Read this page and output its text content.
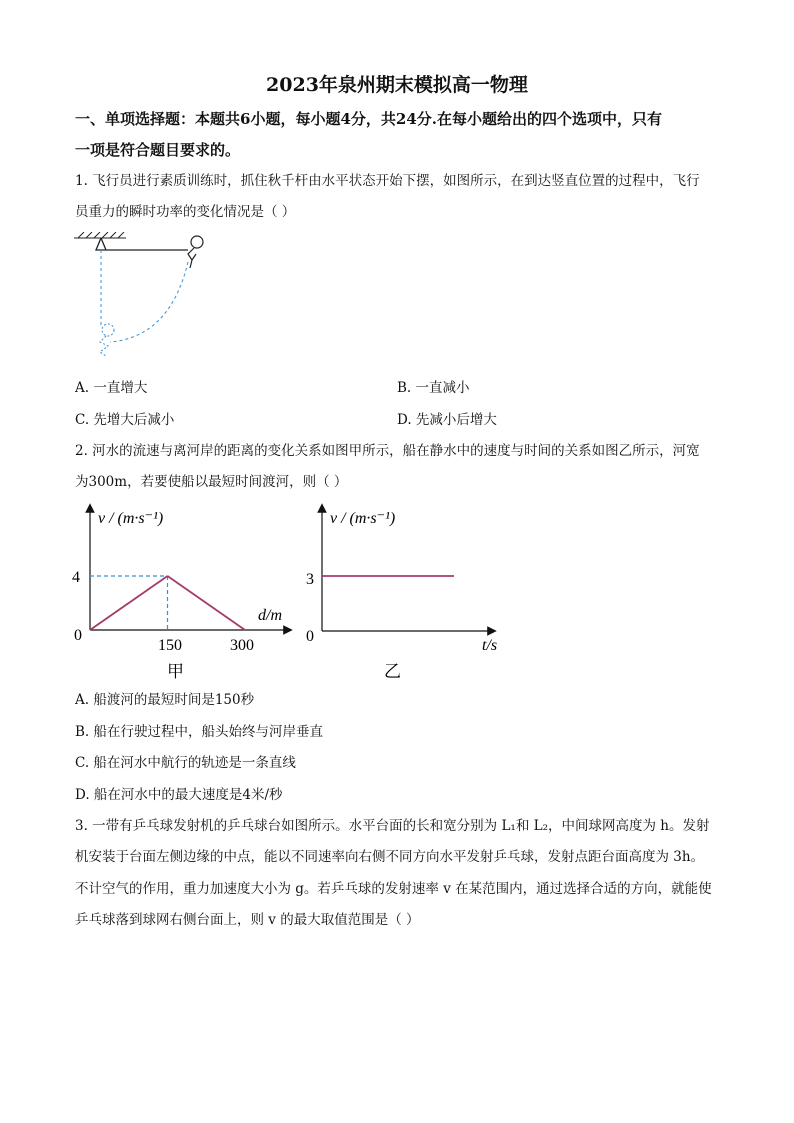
2023年泉州期末模拟高一物理
一、单项选择题：本题共6小题，每小题4分，共24分.在每小题给出的四个选项中，只有
一项是符合题目要求的。
1. 飞行员进行素质训练时，抓住秋千杆由水平状态开始下摆，如图所示，在到达竖直位置的过程中，飞行
员重力的瞬时功率的变化情况是（ ）
A. 一直增大	B. 一直减小
C. 先增大后减小	D. 先减小后增大
2. 河水的流速与离河岸的距离的变化关系如图甲所示，船在静水中的速度与时间的关系如图乙所示，河宽
为300m，若要使船以最短时间渡河，则（ ）
v / (m·s⁻¹)
d/m
0
4
150	300
甲
v / (m·s⁻¹)
t/s
0
3
乙
A. 船渡河的最短时间是150秒
B. 船在行驶过程中，船头始终与河岸垂直
C. 船在河水中航行的轨迹是一条直线
D. 船在河水中的最大速度是4米/秒
3. 一带有乒乓球发射机的乒乓球台如图所示。水平台面的长和宽分别为 L₁和 L₂，中间球网高度为 h。发射
机安装于台面左侧边缘的中点，能以不同速率向右侧不同方向水平发射乒乓球，发射点距台面高度为 3h。
不计空气的作用，重力加速度大小为 g。若乒乓球的发射速率 v 在某范围内，通过选择合适的方向，就能使
乒乓球落到球网右侧台面上，则 v 的最大取值范围是（ ）
